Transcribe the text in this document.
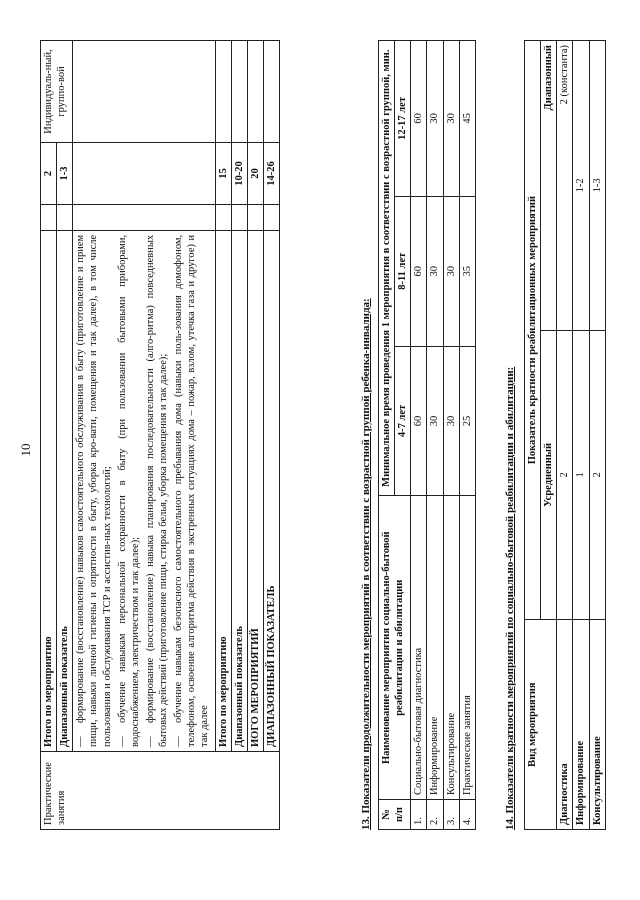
10
Практические занятия	Итого по мероприятию		2	Индивидуаль-ный, группо-вой
	Диапазонный показатель		1-3	

	—формирование (восстановление) навыков самостоятельного обслуживания в быту (приготовление и прием пищи, навыки личной гигиены и опрятности в быту, уборка кро-вати, помещения и так далее), в том числе пользования и обслуживания ТСР и ассистив-ных технологий; —обучение навыкам персональной сохранности в быту (при пользовании бытовыми приборами, водоснабжением, электричеством и так далее); —формирование (восстановление) навыка планирования последовательности (алго-ритма) повседневных бытовых действий (приготовление пищи, стирка белья, уборка помещения и так далее); —обучение навыкам безопасного самостоятельного пребывания дома (навыки поль-зования домофоном, телефоном, освоение алгоритма действия в экстренных ситуациях дома – пожар, взлом, утечка газа и другое) и так далее			

	Итого по мероприятию		15	
	Диапазонный показатель		10-20	
	ИОГО МЕРОПРИЯТИЙ		20	
	ДИАПАЗОННЫЙ ПОКАЗАТЕЛЬ		14-26	
13. Показатели продолжительности мероприятий в соответствии с возрастной группой ребенка-инвалида: № п/п	Наименование мероприятия социально-бытовой реабилитации и абилитации	Минимальное время проведения 1 мероприятия в соответствии с возрастной группой, мин.		
		4-7 лет	8-11 лет	12-17 лет
1.	Социально-бытовая диагностика	60	60	60
2.	Информирование	30	30	30
3.	Консультирование	30	30	30
4.	Практические занятия	25	35	45
14. Показатели кратности мероприятий по социально-бытовой реабилитации и абилитации: Вид мероприятия	Показатель кратности реабилитационных мероприятий	
	Усредненный	Диапазонный
Диагностика	2	2 (константа)
Информирование	1	1-2
Консультирование	2	1-3
